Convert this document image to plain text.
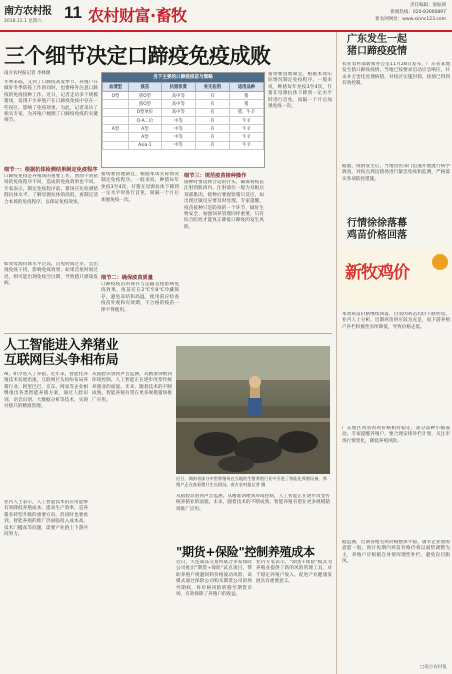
南方农村报
2018.12.1 星期六 11 农村财富·畜牧
责任编辑：梁振洲
新闻热线：020-83000897
新农网网址：www.xinnc123.com
三个细节决定口蹄疫免疫成败
南方农村报记者 李林源
冬季来临，又到了口蹄疫高发季节，养殖户在做好冬季防疫工作的同时，也要格外注意口蹄疫的免疫接种工作。近日，记者走访多个规模猪场，发现不少养殖户在口蹄疫免疫中存在一些误区，影响了免疫效果。为此，记者采访了相关专家，为养殖户梳理了口蹄疫免疫的关键细节。
细节一：根据抗体检测结果制定免疫程序
口蹄疫免疫是养殖场的重要工作，然而不同猪场的免疫程序不同，造成的免疫效果也不同。专家表示，制定免疫程序前，猪场应先检测猪群抗体水平，了解母源抗体的高低，再制定适合本场的免疫程序，以保证免疫效果。
如果母源抗体水平过高，首免时间过早，会出现免疫干扰，影响免疫效果；如果首免时间过迟，则可能出现免疫空白期，导致猪只感染发病。
当下主要的口蹄疫疫苗与策略
血清型	疫苗	抗原浓度	有无佐剂	适用品种
O型	猪O型	高中等	有	猪
	猪O型	高中等	有	猪
	O型单价	高中等	有	猪、牛羊
	O-A二价	中等	有	牛羊
A型	A型	中等	有	牛羊
	A型	中等	有	牛羊
	Asia-1	中等	有	牛羊
猪场要因地制宜，根据本场实际情况制定免疫程序。一般来说，种猪每年免疫3至4次，仔猪在母源抗体下降到一定水平时进行首免，间隔一个月后加强免疫一次。
细节二：确保疫苗质量
口蹄疫疫苗的保存与运输直接影响免疫效果。疫苗应在2℃至8℃冷藏保存，避免冻结和高温，使用前应检查疫苗外观和有效期，不合格的疫苗一律不得使用。
细节三：规范疫苗接种操作
接种时要选择合适的针头，确保将疫苗注射到肌肉内。注射部位一般为耳根后颈部肌肉，接种后要观察猪只反应，如出现过敏反应要及时处理。专家提醒，疫苗接种只是防疫的一个环节，做好生物安全、加强饲养管理同样重要，只有综合防控才能真正降低口蹄疫的发生风险。
猪场要因地制宜，根据本场实际情况制定免疫程序。一般来说，种猪每年免疫3至4次，仔猪在母源抗体下降到一定水平时进行首免，间隔一个月后加强免疫一次。
人工智能进入养猪业
互联网巨头争相布局
AI，如今进入了养猪。近年来，智能化养殖技术发展迅速，互联网巨头纷纷布局养猪行业。阿里巴巴、京东、网易等企业相继推出各类智能养猪方案，通过人脸识别、语音识别、大数据分析等技术，实现对猪只的精准管理。
业内人士表示，人工智能技术的应用能够有效降低养殖成本、提高生产效率，是养猪业转型升级的重要方向。但同时也要看到，智能养殖的推广仍面临投入成本高、技术门槛高等问题，需要产业链上下游共同努力。
从猪脸识别到声音监测，从精准饲喂到环境控制，人工智能正在逐步改变传统养猪业的面貌。未来，随着技术的不断成熟，智能养殖有望在更多规模猪场推广应用。
近日，湖南省部分中型养殖场在当地的生猪养殖行业中引进了智能化养殖设备，养殖户正在查看猪只生长情况。南方农村报记者 摄
从猪脸识别到声音监测，从精准饲喂到环境控制，人工智能正在逐步改变传统养猪业的面貌。未来，随着技术的不断成熟，智能养殖有望在更多规模猪场推广应用。
"期货+保险"控制养殖成本
近日，大连商品交易所联合多家保险公司推出"期货+保险"试点项目，帮助养殖户规避饲料价格波动风险。该模式通过保险公司购买期货公司的场外期权，将价格风险转移至期货市场，有效保障了养殖户的收益。
业内专家表示，"期货+保险"模式为养殖业提供了新的风险管理工具，对于稳定养殖户收入、促进产业健康发展具有重要意义。
广东发生一起
猪口蹄疫疫情
农业农村部新闻办公室11月28日发布，广东省某地发生猪口蹄疫疫情，当地已按要求启动应急响应，扑杀并无害化处理病猪，对疫区实施封锁，疫情已得到有效控制。
据悉，疫情发生后，当地兽医部门迅速开展流行病学调查，对疫点周边猪场进行紧急免疫和监测，严格落实各项防控措施。
行情徐徐落幕
鸡苗价格回落
新牧鸡价
本周鸡苗价格继续回落，白羽肉鸡苗均价下跌明显。业内人士分析，近期鸡苗供应较为充足，而下游养殖户补栏积极性有所降低，导致价格走低。
广东地区黄羽肉鸡价格相对稳定，部分品种小幅波动。专家提醒养殖户，要合理安排补栏计划，关注市场行情变化，降低养殖风险。
据监测，近期各地毛鸡价格整体平稳，屠宰企业收购意愿一般。预计短期内鸡苗价格仍将以弱势调整为主，养殖户应根据自身情况理性补栏，避免盲目跟风。
□南方农村报
